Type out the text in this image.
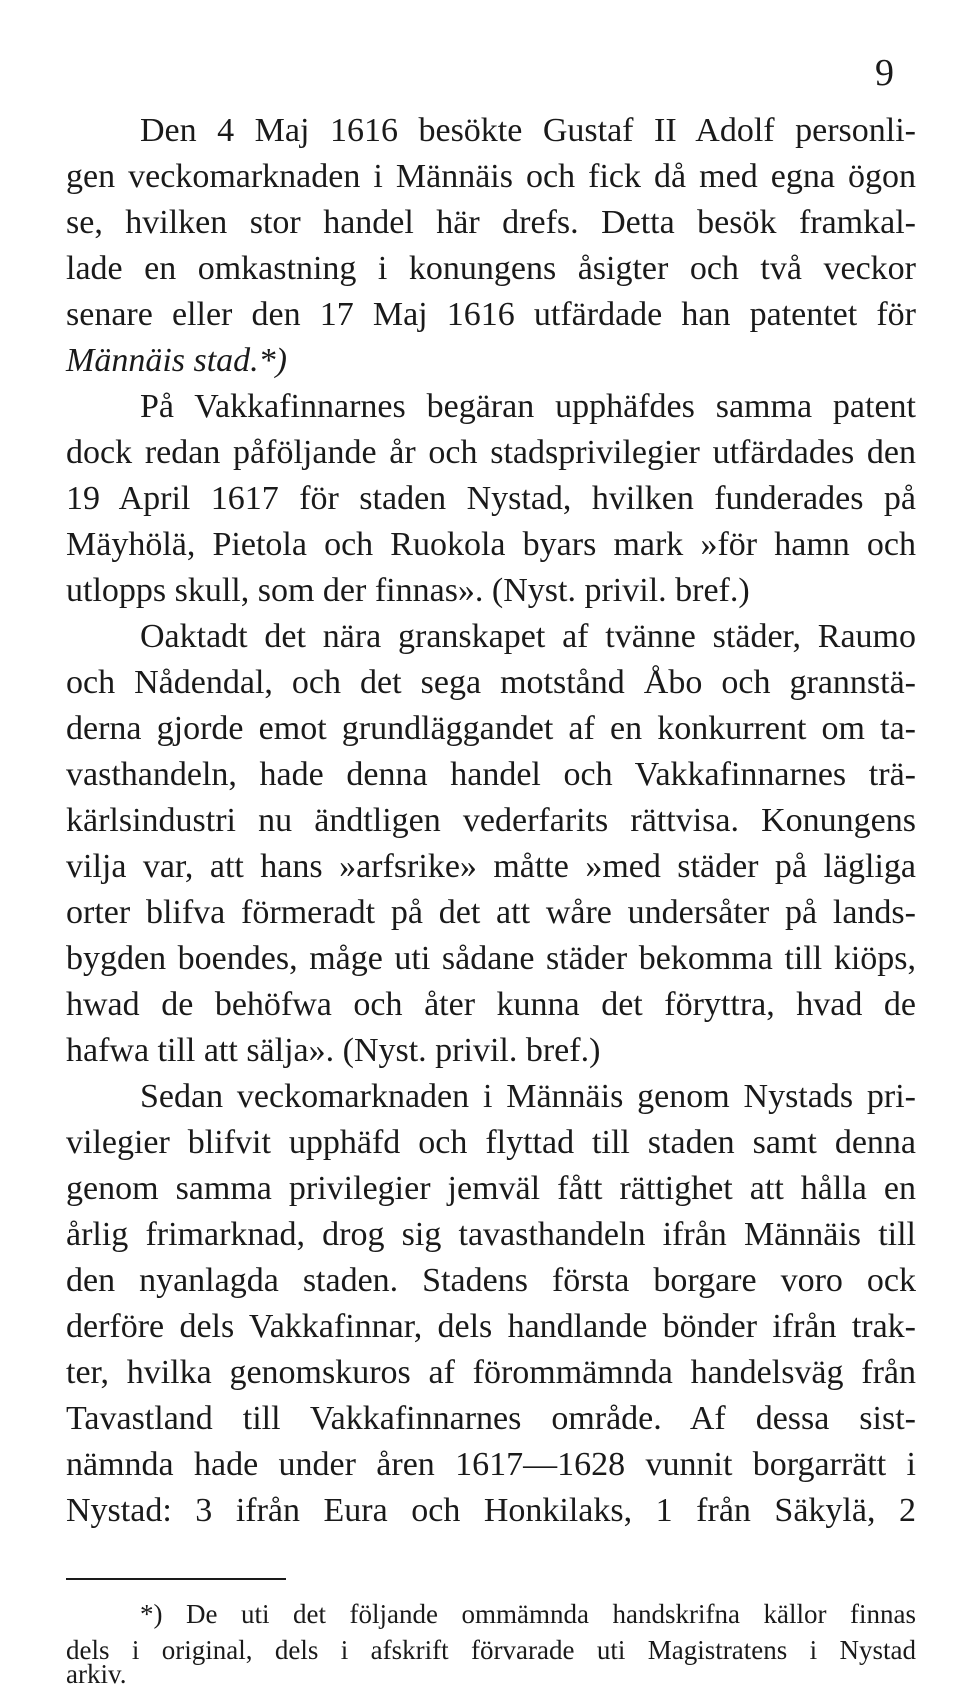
9
Den 4 Maj 1616 besökte Gustaf II Adolf personli-
gen veckomarknaden i Männäis och fick då med egna ögon
se, hvilken stor handel här drefs. Detta besök framkal-
lade en omkastning i konungens åsigter och två veckor
senare eller den 17 Maj 1616 utfärdade han patentet för
Männäis stad.*)
På Vakkafinnarnes begäran upphäfdes samma patent
dock redan påföljande år och stadsprivilegier utfärdades den
19 April 1617 för staden Nystad, hvilken funderades på
Mäyhölä, Pietola och Ruokola byars mark »för hamn och
utlopps skull, som der finnas». (Nyst. privil. bref.)
Oaktadt det nära granskapet af tvänne städer, Raumo
och Nådendal, och det sega motstånd Åbo och grannstä-
derna gjorde emot grundläggandet af en konkurrent om ta-
vasthandeln, hade denna handel och Vakkafinnarnes trä-
kärlsindustri nu ändtligen vederfarits rättvisa. Konungens
vilja var, att hans »arfsrike» måtte »med städer på lägliga
orter blifva förmeradt på det att wåre undersåter på lands-
bygden boendes, måge uti sådane städer bekomma till kiöps,
hwad de behöfwa och åter kunna det föryttra, hvad de
hafwa till att sälja». (Nyst. privil. bref.)
Sedan veckomarknaden i Männäis genom Nystads pri-
vilegier blifvit upphäfd och flyttad till staden samt denna
genom samma privilegier jemväl fått rättighet att hålla en
årlig frimarknad, drog sig tavasthandeln ifrån Männäis till
den nyanlagda staden. Stadens första borgare voro ock
derföre dels Vakkafinnar, dels handlande bönder ifrån trak-
ter, hvilka genomskuros af förommämnda handelsväg från
Tavastland till Vakkafinnarnes område. Af dessa sist-
nämnda hade under åren 1617—1628 vunnit borgarrätt i
Nystad: 3 ifrån Eura och Honkilaks, 1 från Säkylä, 2
*) De uti det följande ommämnda handskrifna källor finnas
dels i original, dels i afskrift förvarade uti Magistratens i Nystad
arkiv.
